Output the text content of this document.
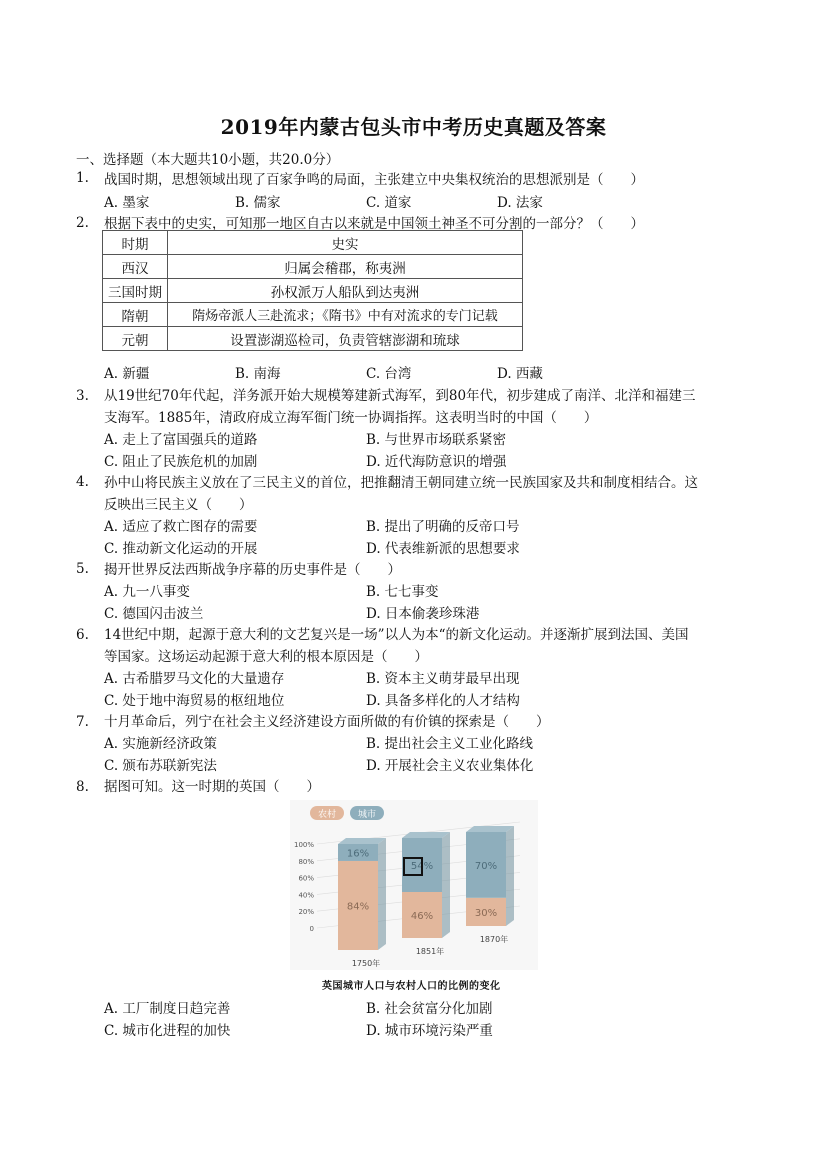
2019年内蒙古包头市中考历史真题及答案
一、选择题（本大题共10小题，共20.0分）
1. 战国时期，思想领域出现了百家争鸣的局面，主张建立中央集权统治的思想派别是（　　）
A. 墨家	B. 儒家	C. 道家	D. 法家
2. 根据下表中的史实，可知那一地区自古以来就是中国领土神圣不可分割的一部分？（　　）
时期	史实
西汉	归属会稽郡，称夷洲
三国时期	孙权派万人船队到达夷洲
隋朝	隋炀帝派人三赴流求；《隋书》中有对流求的专门记载
元朝	设置澎湖巡检司，负责管辖澎湖和琉球
A. 新疆	B. 南海	C. 台湾	D. 西藏
3. 从19世纪70年代起，洋务派开始大规模筹建新式海军，到80年代，初步建成了南洋、北洋和福建三
支海军。1885年，清政府成立海军衙门统一协调指挥。这表明当时的中国（　　）
A. 走上了富国强兵的道路	B. 与世界市场联系紧密
C. 阻止了民族危机的加剧	D. 近代海防意识的增强
4. 孙中山将民族主义放在了三民主义的首位，把推翻清王朝同建立统一民族国家及共和制度相结合。这
反映出三民主义（　　）
A. 适应了救亡图存的需要	B. 提出了明确的反帝口号
C. 推动新文化运动的开展	D. 代表维新派的思想要求
5. 揭开世界反法西斯战争序幕的历史事件是（　　）
A. 九一八事变	B. 七七事变
C. 德国闪击波兰	D. 日本偷袭珍珠港
6. 14世纪中期，起源于意大利的文艺复兴是一场”以人为本“的新文化运动。并逐渐扩展到法国、美国
等国家。这场运动起源于意大利的根本原因是（　　）
A. 古希腊罗马文化的大量遗存	B. 资本主义萌芽最早出现
C. 处于地中海贸易的枢纽地位	D. 具备多样化的人才结构
7. 十月革命后，列宁在社会主义经济建设方面所做的有价镇的探索是（　　）
A. 实施新经济政策	B. 提出社会主义工业化路线
C. 颁布苏联新宪法	D. 开展社会主义农业集体化
8. 据图可知。这一时期的英国（　　）
农村 城市
0
20%
40%
60%
80%
100%
84%
16%
1750年
46%
54%
1851年
30%
70%
1870年
英国城市人口与农村人口的比例的变化
A. 工厂制度日趋完善	B. 社会贫富分化加剧
C. 城市化进程的加快	D. 城市环境污染严重
